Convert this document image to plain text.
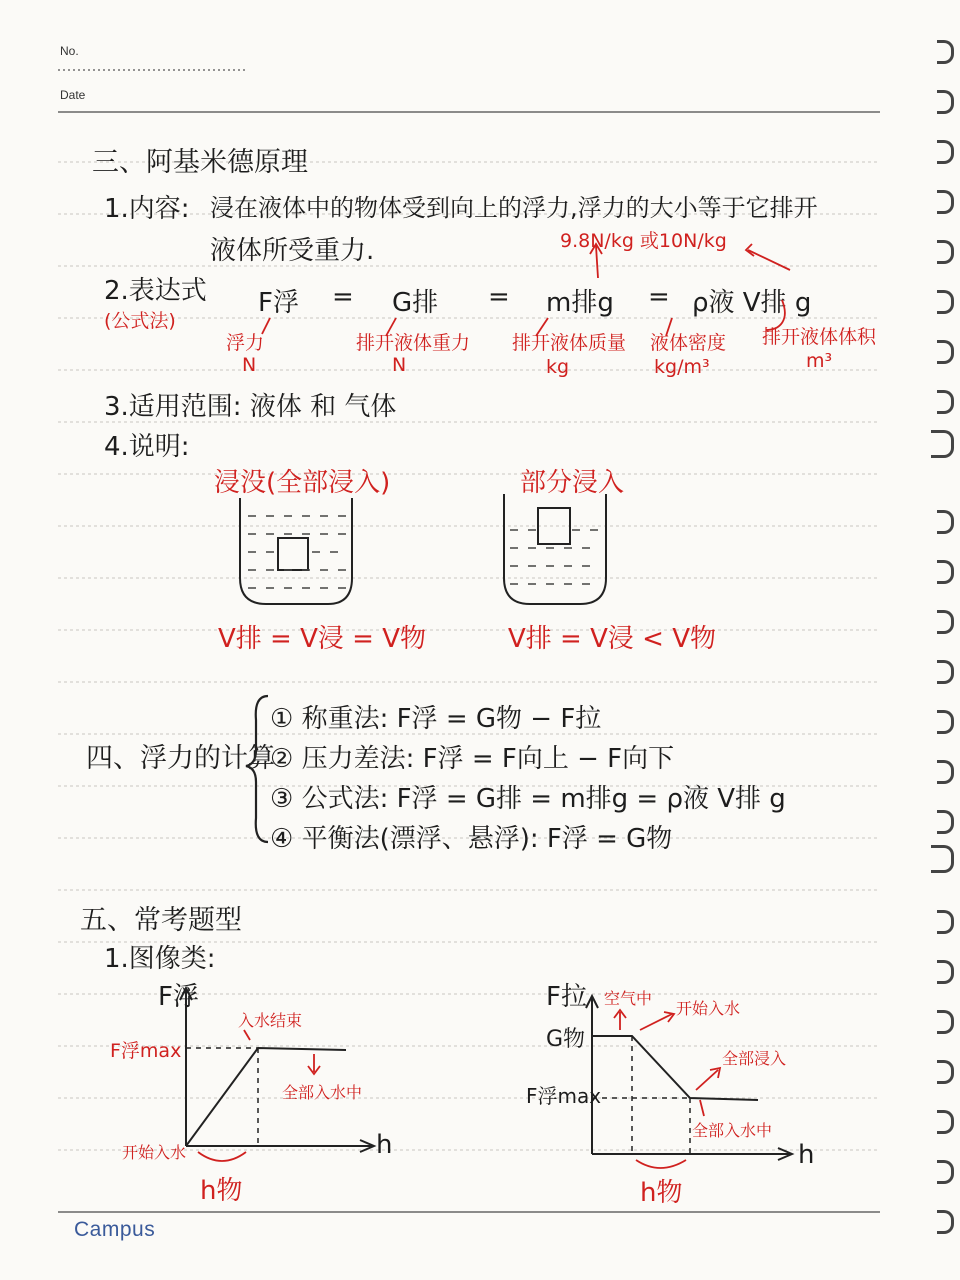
No.
Date
三、阿基米德原理
1.内容: 浸在液体中的物体受到向上的浮力,浮力的大小等于它排开
液体所受重力.	9.8N/kg 或10N/kg
2.表达式
(公式法)
F浮 = G排 = m排g = ρ液 V排 g
浮力
N
排开液体重力
N
排开液体质量
kg
液体密度
kg/m³
排开液体体积
m³
3.适用范围: 液体 和 气体
4.说明:
浸没(全部浸入)	部分浸入
V排 = V浸 = V物	V排 = V浸 < V物
四、浮力的计算
① 称重法: F浮 = G物 − F拉
② 压力差法: F浮 = F向上 − F向下
③ 公式法: F浮 = G排 = m排g = ρ液 V排 g
④ 平衡法(漂浮、悬浮): F浮 = G物
五、常考题型
1.图像类:
F浮
h
F浮max
开始入水
入水结束
全部入水中
h物
F拉 空气中
G物
开始入水
全部浸入
F浮max
全部入水中
h
h物
Campus
